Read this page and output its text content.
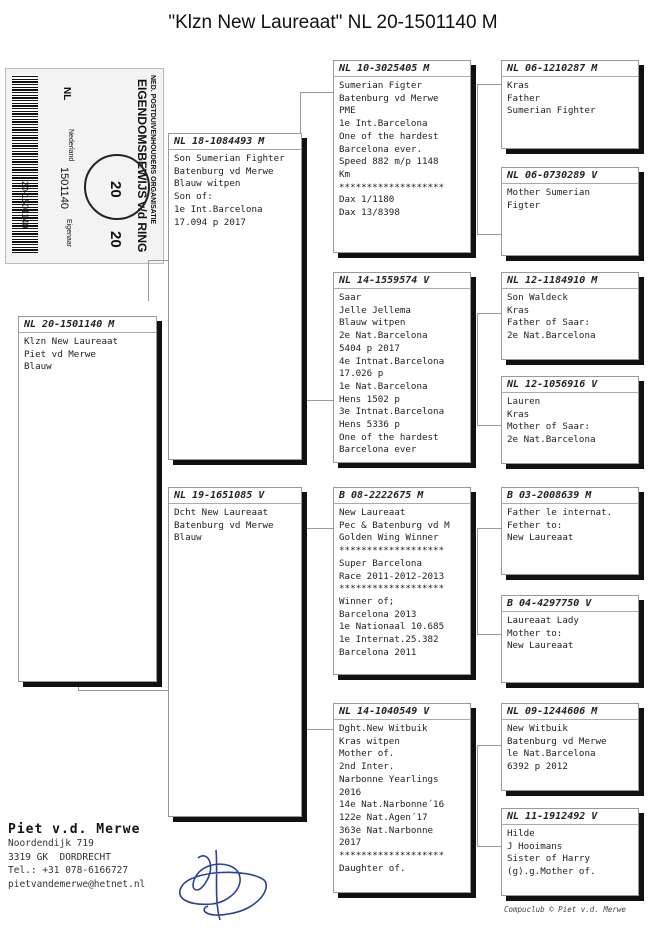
"Klzn New Laureaat" NL 20-1501140 M
NED. POSTDUIVENHOUDERS ORGANISATIE
EIGENDOMSBEWIJS v/d RING
20
20
NL
Nederland
1501140
Eigenaar
20-1501140
NL 20-1501140 M
Klzn New Laureaat
Piet vd Merwe
Blauw
NL 18-1084493 M
Son Sumerian Fighter
Batenburg vd Merwe
Blauw witpen
Son of:
1e Int.Barcelona
17.094 p 2017
NL 19-1651085 V
Dcht New Laureaat
Batenburg vd Merwe
Blauw
NL 10-3025405 M
Sumerian Figter
Batenburg vd Merwe
PME
1e Int.Barcelona
One of the hardest
Barcelona ever.
Speed 882 m/p 1148
Km
*******************
Dax 1/1180
Dax 13/8398
NL 14-1559574 V
Saar
Jelle Jellema
Blauw witpen
2e Nat.Barcelona
5404 p 2017
4e Intnat.Barcelona
17.026 p
1e Nat.Barcelona
Hens 1502 p
3e Intnat.Barcelona
Hens 5336 p
One of the hardest
Barcelona ever
B 08-2222675 M
New Laureaat
Pec & Batenburg vd M
Golden Wing Winner
*******************
Super Barcelona
Race 2011-2012-2013
*******************
Winner of;
Barcelona 2013
1e Nationaal 10.685
1e Internat.25.382
Barcelona 2011
NL 14-1040549 V
Dght.New Witbuik
Kras witpen
Mother of.
2nd Inter.
Narbonne Yearlings
2016
14e Nat.Narbonne´16
122e Nat.Agen´17
363e Nat.Narbonne
2017
*******************
Daughter of.
NL 06-1210287 M
Kras
Father
Sumerian Fighter
NL 06-0730289 V
Mother Sumerian
Figter
NL 12-1184910 M
Son Waldeck
Kras
Father of Saar:
2e Nat.Barcelona
NL 12-1056916 V
Lauren
Kras
Mother of Saar:
2e Nat.Barcelona
B 03-2008639 M
Father le internat.
Fether to:
New Laureaat
B 04-4297750 V
Laureaat Lady
Mother to:
New Laureaat
NL 09-1244606 M
New Witbuik
Batenburg vd Merwe
le Nat.Barcelona
6392 p 2012
NL 11-1912492 V
Hilde
J Hooimans
Sister of Harry
(g).g.Mother of.
Piet v.d. Merwe
Noordendijk 719
3319 GK  DORDRECHT
Tel.: +31 078-6166727
pietvandemerwe@hetnet.nl
Compuclub © Piet v.d. Merwe
